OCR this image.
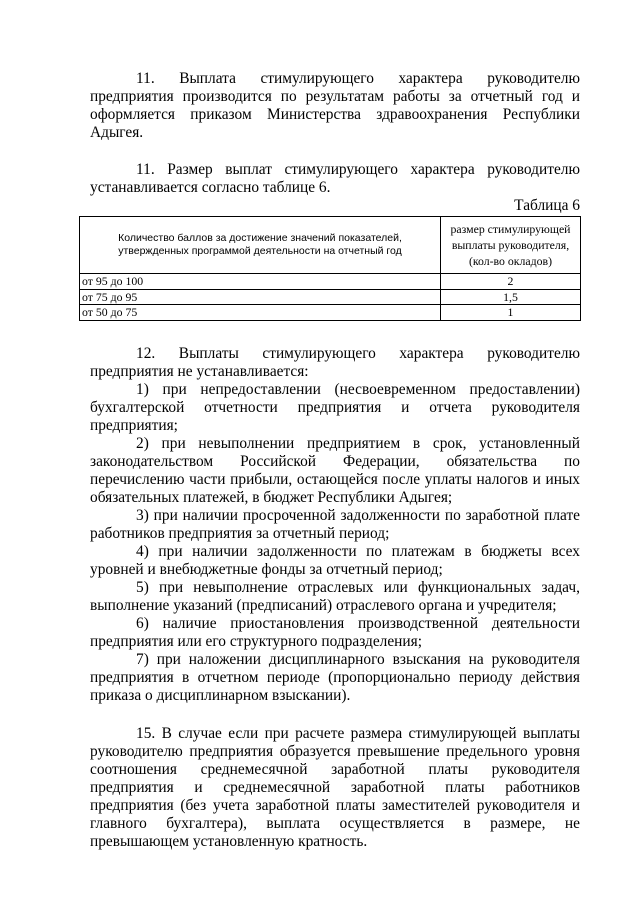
11. Выплата стимулирующего характера руководителю предприятия производится по результатам работы за отчетный год и оформляется приказом Министерства здравоохранения Республики Адыгея.

11. Размер выплат стимулирующего характера руководителю устанавливается согласно таблице 6.

Таблица 6

Количество баллов за достижение значений показателей, утвержденных программой деятельности на отчетный год	размер стимулирующей выплаты руководителя, (кол-во окладов)
от 95 до 100	2
от 75 до 95	1,5
от 50 до 75	1

12. Выплаты стимулирующего характера руководителю предприятия не устанавливается:

1) при непредоставлении (несвоевременном предоставлении) бухгалтерской отчетности предприятия и отчета руководителя предприятия;

2) при невыполнении предприятием в срок, установленный законодательством Российской Федерации, обязательства по перечислению части прибыли, остающейся после уплаты налогов и иных обязательных платежей, в бюджет Республики Адыгея;

3) при наличии просроченной задолженности по заработной плате работников предприятия за отчетный период;

4) при наличии задолженности по платежам в бюджеты всех уровней и внебюджетные фонды за отчетный период;

5) при невыполнение отраслевых или функциональных задач, выполнение указаний (предписаний) отраслевого органа и учредителя;

6) наличие приостановления производственной деятельности предприятия или его структурного подразделения;

7) при наложении дисциплинарного взыскания на руководителя предприятия в отчетном периоде (пропорционально периоду действия приказа о дисциплинарном взыскании).

15. В случае если при расчете размера стимулирующей выплаты руководителю предприятия образуется превышение предельного уровня соотношения среднемесячной заработной платы руководителя предприятия и среднемесячной заработной платы работников предприятия (без учета заработной платы заместителей руководителя и главного бухгалтера), выплата осуществляется в размере, не превышающем установленную кратность.
